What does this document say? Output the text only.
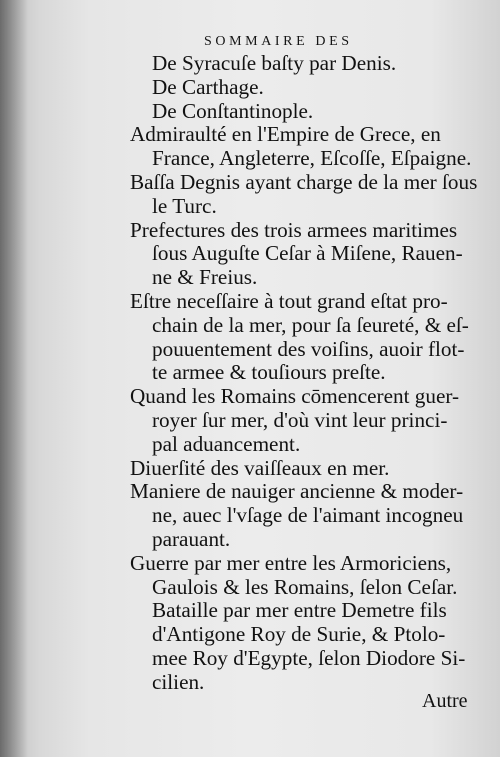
SOMMAIRE DES
De Syracuſe baſty par Denis.
De Carthage.
De Conſtantinople.
Admiraulté en l'Empire de Grece, en
France, Angleterre, Eſcoſſe, Eſpaigne.
Baſſa Degnis ayant charge de la mer ſous
le Turc.
Prefectures des trois armees maritimes
ſous Auguſte Ceſar à Miſene, Rauen-
ne & Freius.
Eſtre neceſſaire à tout grand eſtat pro-
chain de la mer, pour ſa ſeureté, & eſ-
pouuentement des voiſins, auoir flot-
te armee & touſiours preſte.
Quand les Romains cōmencerent guer-
royer ſur mer, d'où vint leur princi-
pal aduancement.
Diuerſité des vaiſſeaux en mer.
Maniere de nauiger ancienne & moder-
ne, auec l'vſage de l'aimant incogneu
parauant.
Guerre par mer entre les Armoriciens,
Gaulois & les Romains, ſelon Ceſar.
Bataille par mer entre Demetre fils
d'Antigone Roy de Surie, & Ptolo-
mee Roy d'Egypte, ſelon Diodore Si-
cilien.
Autre
